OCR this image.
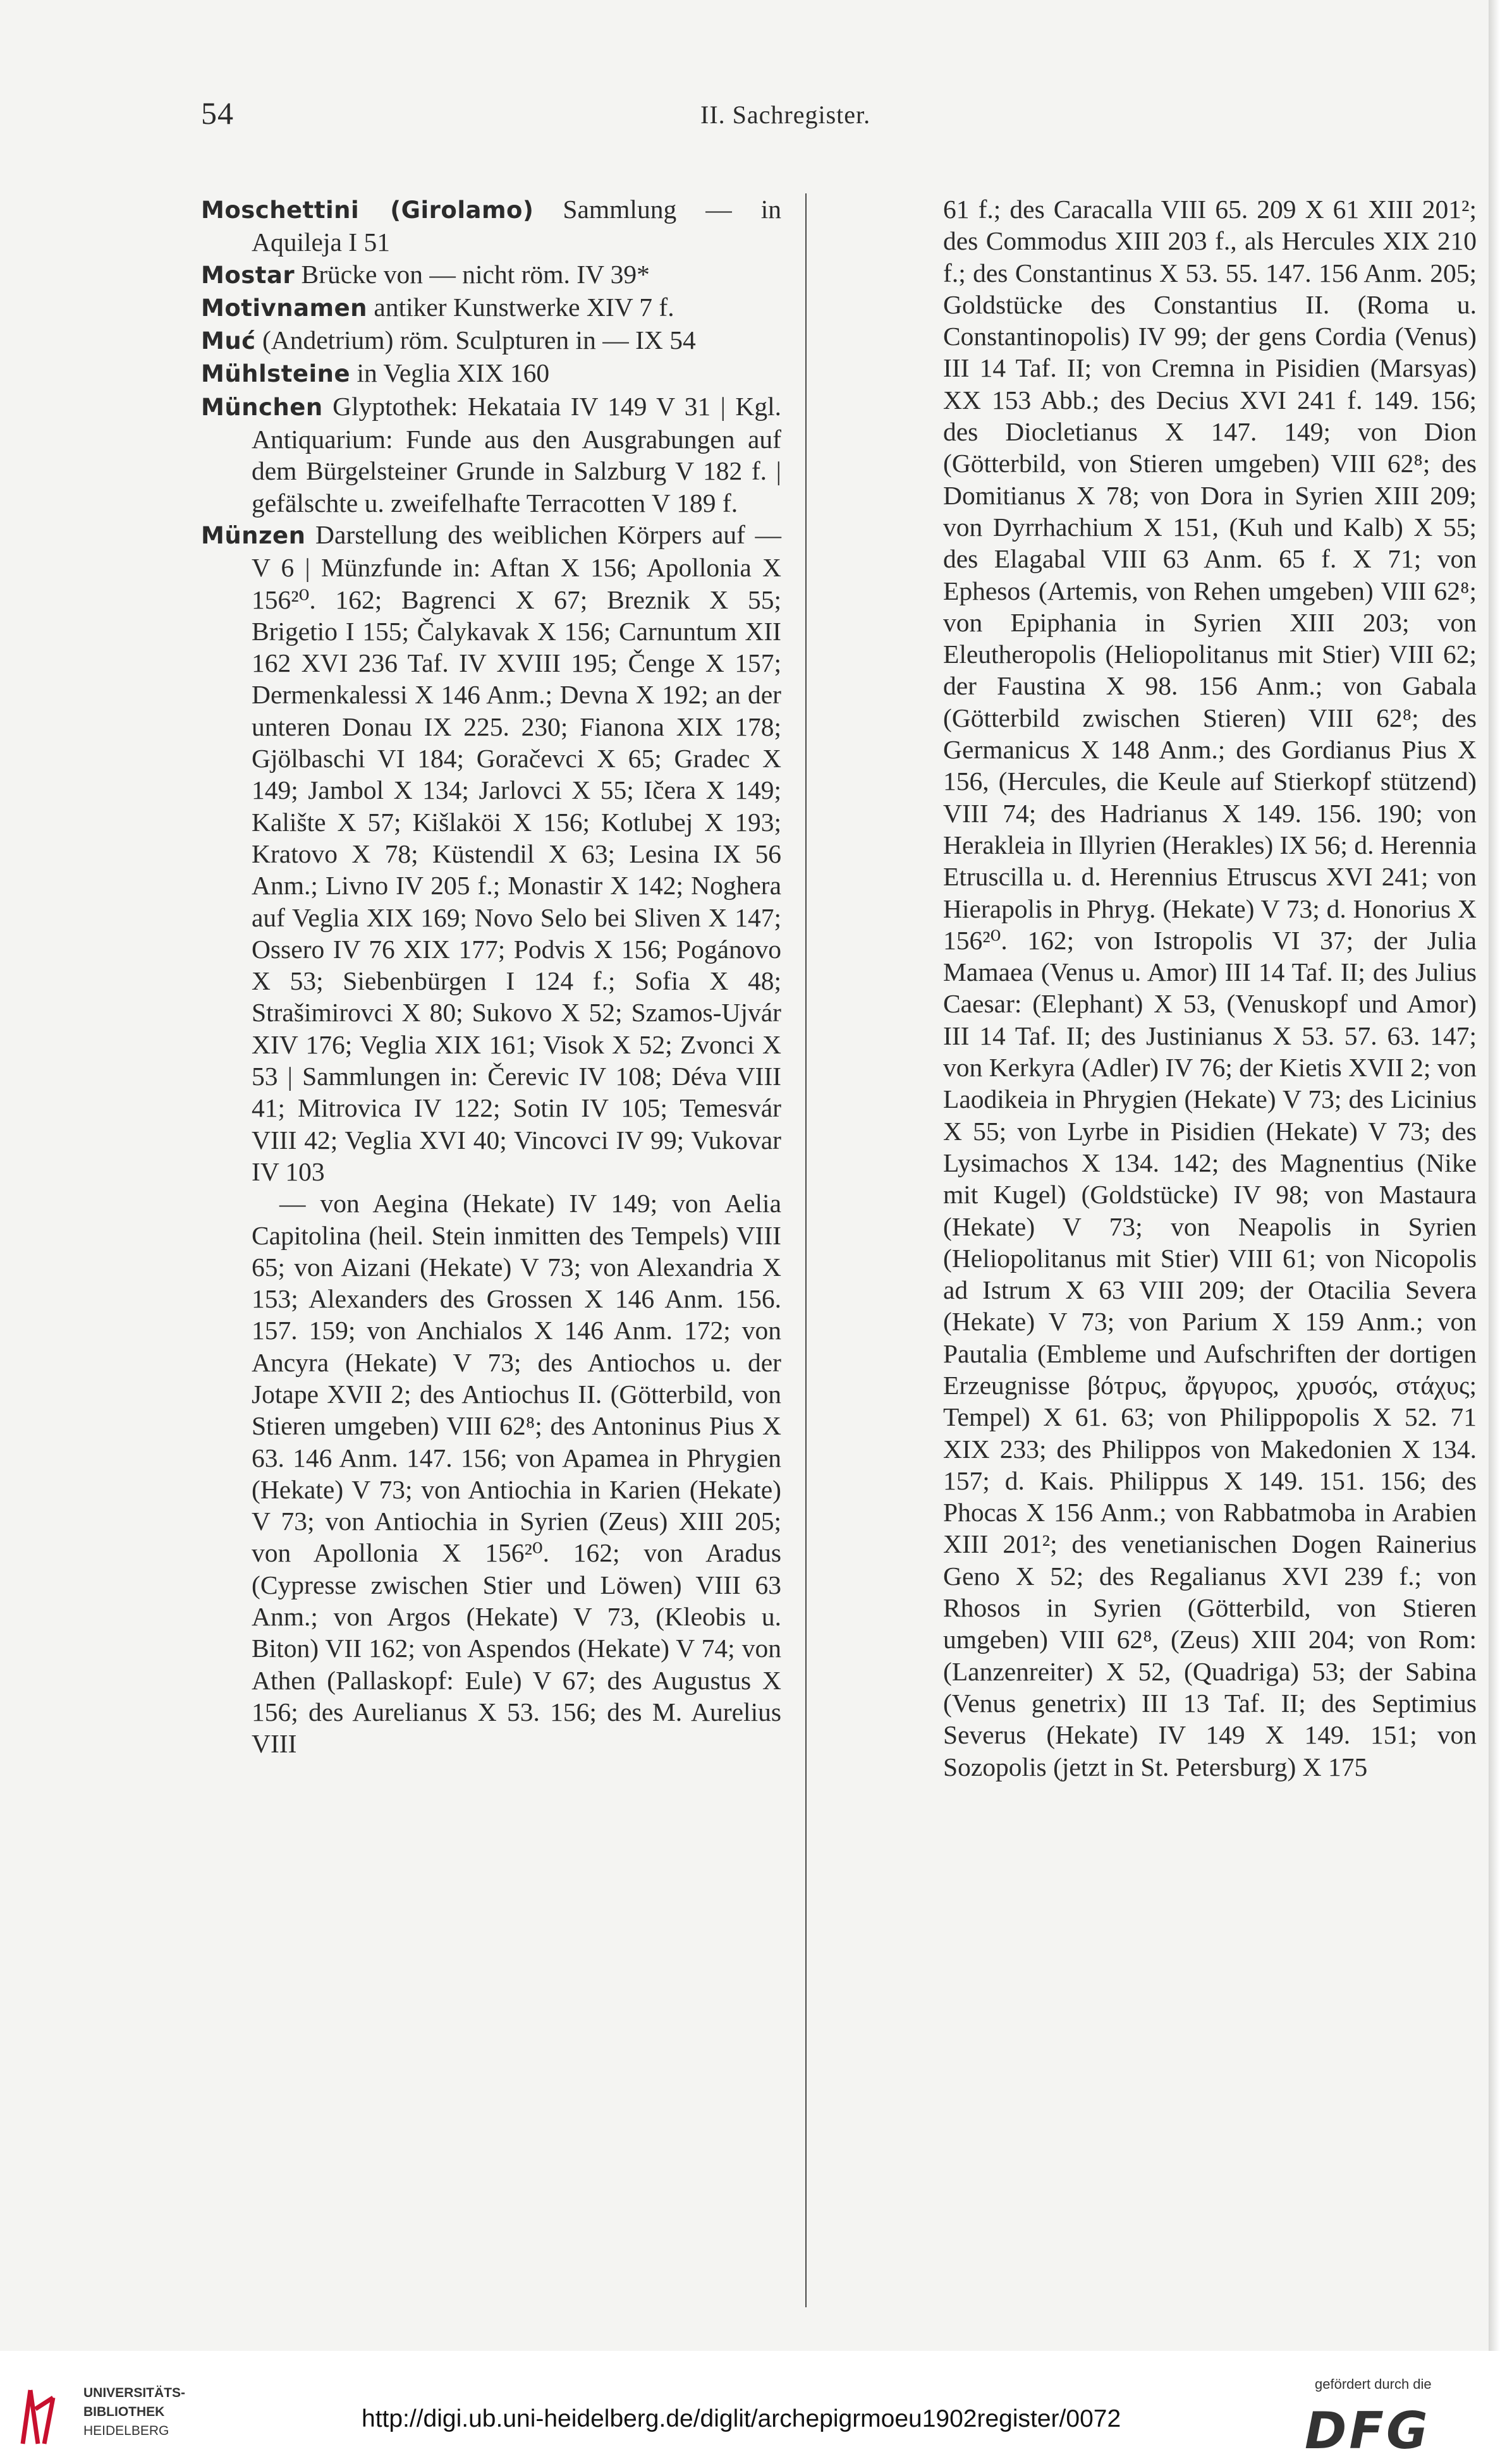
54	II. Sachregister.

Moschettini (Girolamo) Sammlung — in Aquileja I 51

Mostar Brücke von — nicht röm. IV 39*

Motivnamen antiker Kunstwerke XIV 7 f.

Muć (Andetrium) röm. Sculpturen in — IX 54

Mühlsteine in Veglia XIX 160

München Glyptothek: Hekataia IV 149 V 31 | Kgl. Antiquarium: Funde aus den Ausgrabungen auf dem Bürgelsteiner Grunde in Salzburg V 182 f. | gefälschte u. zweifelhafte Terracotten V 189 f.

Münzen Darstellung des weiblichen Körpers auf — V 6 | Münzfunde in: Aftan X 156; Apollonia X 156²⁰. 162; Bagrenci X 67; Breznik X 55; Brigetio I 155; Čalykavak X 156; Carnuntum XII 162 XVI 236 Taf. IV XVIII 195; Čenge X 157; Dermenkalessi X 146 Anm.; Devna X 192; an der unteren Donau IX 225. 230; Fianona XIX 178; Gjölbaschi VI 184; Goračevci X 65; Gradec X 149; Jambol X 134; Jarlovci X 55; Ičera X 149; Kalište X 57; Kišlaköi X 156; Kotlubej X 193; Kratovo X 78; Küstendil X 63; Lesina IX 56 Anm.; Livno IV 205 f.; Monastir X 142; Noghera auf Veglia XIX 169; Novo Selo bei Sliven X 147; Ossero IV 76 XIX 177; Podvis X 156; Pogánovo X 53; Siebenbürgen I 124 f.; Sofia X 48; Strašimirovci X 80; Sukovo X 52; Szamos-Ujvár XIV 176; Veglia XIX 161; Visok X 52; Zvonci X 53 | Sammlungen in: Čerevic IV 108; Déva VIII 41; Mitrovica IV 122; Sotin IV 105; Temesvár VIII 42; Veglia XVI 40; Vincovci IV 99; Vukovar IV 103

— von Aegina (Hekate) IV 149; von Aelia Capitolina (heil. Stein inmitten des Tempels) VIII 65; von Aizani (Hekate) V 73; von Alexandria X 153; Alexanders des Grossen X 146 Anm. 156. 157. 159; von Anchialos X 146 Anm. 172; von Ancyra (Hekate) V 73; des Antiochos u. der Jotape XVII 2; des Antiochus II. (Götterbild, von Stieren umgeben) VIII 62⁸; des Antoninus Pius X 63. 146 Anm. 147. 156; von Apamea in Phrygien (Hekate) V 73; von Antiochia in Karien (Hekate) V 73; von Antiochia in Syrien (Zeus) XIII 205; von Apollonia X 156²⁰. 162; von Aradus (Cypresse zwischen Stier und Löwen) VIII 63 Anm.; von Argos (Hekate) V 73, (Kleobis u. Biton) VII 162; von Aspendos (Hekate) V 74; von Athen (Pallaskopf: Eule) V 67; des Augustus X 156; des Aurelianus X 53. 156; des M. Aurelius VIII

61 f.; des Caracalla VIII 65. 209 X 61 XIII 201²; des Commodus XIII 203 f., als Hercules XIX 210 f.; des Constantinus X 53. 55. 147. 156 Anm. 205; Goldstücke des Constantius II. (Roma u. Constantinopolis) IV 99; der gens Cordia (Venus) III 14 Taf. II; von Cremna in Pisidien (Marsyas) XX 153 Abb.; des Decius XVI 241 f. 149. 156; des Diocletianus X 147. 149; von Dion (Götterbild, von Stieren umgeben) VIII 62⁸; des Domitianus X 78; von Dora in Syrien XIII 209; von Dyrrhachium X 151, (Kuh und Kalb) X 55; des Elagabal VIII 63 Anm. 65 f. X 71; von Ephesos (Artemis, von Rehen umgeben) VIII 62⁸; von Epiphania in Syrien XIII 203; von Eleutheropolis (Heliopolitanus mit Stier) VIII 62; der Faustina X 98. 156 Anm.; von Gabala (Götterbild zwischen Stieren) VIII 62⁸; des Germanicus X 148 Anm.; des Gordianus Pius X 156, (Hercules, die Keule auf Stierkopf stützend) VIII 74; des Hadrianus X 149. 156. 190; von Herakleia in Illyrien (Herakles) IX 56; d. Herennia Etruscilla u. d. Herennius Etruscus XVI 241; von Hierapolis in Phryg. (Hekate) V 73; d. Honorius X 156²⁰. 162; von Istropolis VI 37; der Julia Mamaea (Venus u. Amor) III 14 Taf. II; des Julius Caesar: (Elephant) X 53, (Venuskopf und Amor) III 14 Taf. II; des Justinianus X 53. 57. 63. 147; von Kerkyra (Adler) IV 76; der Kietis XVII 2; von Laodikeia in Phrygien (Hekate) V 73; des Licinius X 55; von Lyrbe in Pisidien (Hekate) V 73; des Lysimachos X 134. 142; des Magnentius (Nike mit Kugel) (Goldstücke) IV 98; von Mastaura (Hekate) V 73; von Neapolis in Syrien (Heliopolitanus mit Stier) VIII 61; von Nicopolis ad Istrum X 63 VIII 209; der Otacilia Severa (Hekate) V 73; von Parium X 159 Anm.; von Pautalia (Embleme und Aufschriften der dortigen Erzeugnisse βότρυς, ἄργυρος, χρυσός, στάχυς; Tempel) X 61. 63; von Philippopolis X 52. 71 XIX 233; des Philippos von Makedonien X 134. 157; d. Kais. Philippus X 149. 151. 156; des Phocas X 156 Anm.; von Rabbatmoba in Arabien XIII 201²; des venetianischen Dogen Rainerius Geno X 52; des Regalianus XVI 239 f.; von Rhosos in Syrien (Götterbild, von Stieren umgeben) VIII 62⁸, (Zeus) XIII 204; von Rom: (Lanzenreiter) X 52, (Quadriga) 53; der Sabina (Venus genetrix) III 13 Taf. II; des Septimius Severus (Hekate) IV 149 X 149. 151; von Sozopolis (jetzt in St. Petersburg) X 175

UNIVERSITÄTS-
BIBLIOTHEK
HEIDELBERG	http://digi.ub.uni-heidelberg.de/diglit/archepigrmoeu1902register/0072
gefördert durch die
DFG
